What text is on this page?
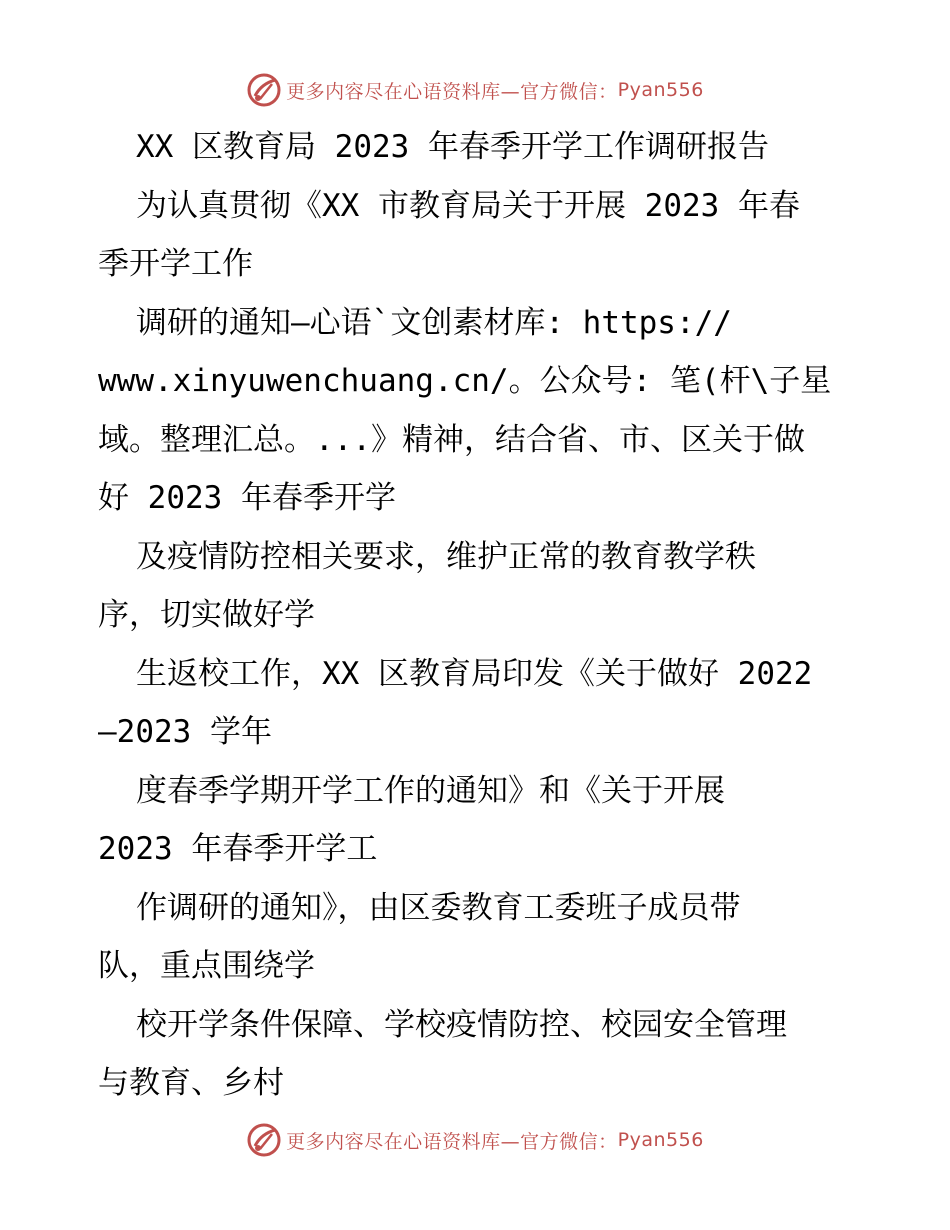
更多内容尽在心语资料库—官方微信： Pyan556
XX 区教育局 2023 年春季开学工作调研报告
为认真贯彻《XX 市教育局关于开展 2023 年春
季开学工作
调研的通知—心语`文创素材库: https://
www.xinyuwenchuang.cn/。公众号: 笔(杆\子星
域。整理汇总。...》精神，结合省、市、区关于做
好 2023 年春季开学
及疫情防控相关要求，维护正常的教育教学秩
序，切实做好学
生返校工作，XX 区教育局印发《关于做好 2022
—2023 学年
度春季学期开学工作的通知》和《关于开展
2023 年春季开学工
作调研的通知》，由区委教育工委班子成员带
队，重点围绕学
校开学条件保障、学校疫情防控、校园安全管理
与教育、乡村
更多内容尽在心语资料库—官方微信： Pyan556
